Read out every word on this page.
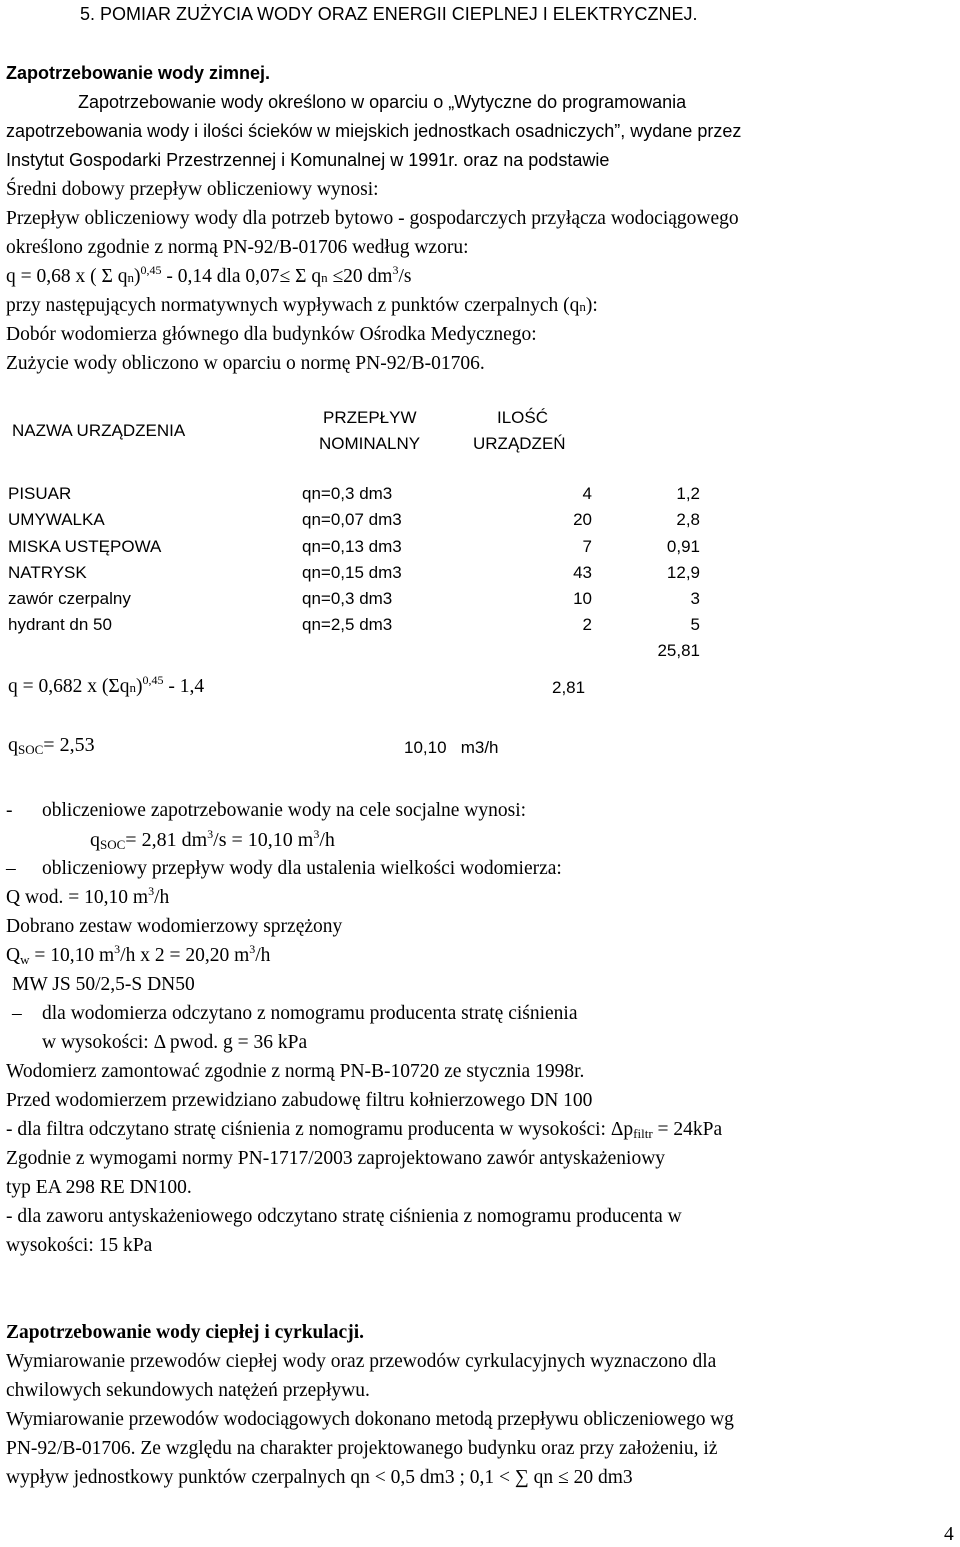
5. POMIAR ZUŻYCIA WODY ORAZ ENERGII CIEPLNEJ I ELEKTRYCZNEJ.
Zapotrzebowanie wody zimnej.
Zapotrzebowanie wody określono w oparciu o „Wytyczne do programowania
zapotrzebowania wody i ilości ścieków w miejskich jednostkach osadniczych”, wydane przez
Instytut Gospodarki Przestrzennej i Komunalnej w 1991r. oraz na podstawie
Średni dobowy przepływ obliczeniowy wynosi:
Przepływ obliczeniowy wody dla potrzeb bytowo - gospodarczych przyłącza wodociągowego
określono zgodnie z normą PN-92/B-01706 według wzoru:
q = 0,68 x ( Σ qn)$^{0,45}$ - 0,14 dla 0,07≤ Σ qn ≤20 $dm^3/s$
przy następujących normatywnych wypływach z punktów czerpalnych (qn):
Dobór wodomierza głównego dla budynków Ośrodka Medycznego:
Zużycie wody obliczono w oparciu o normę PN-92/B-01706.
NAZWA URZĄDZENIA
PRZEPŁYW
NOMINALNY
ILOŚĆ
URZĄDZEŃ
PISUAR	qn=0,3 dm3	4	1,2
UMYWALKA	qn=0,07 dm3	20	2,8
MISKA USTĘPOWA	qn=0,13 dm3	7	0,91
NATRYSK	qn=0,15 dm3	43	12,9
zawór czerpalny	qn=0,3 dm3	10	3
hydrant dn 50	qn=2,5 dm3	2	5
25,81
q = 0,682 x $(\Sigma qn)^{0,45} - 1,4$	2,81
$q_{SOC}= 2,53$	10,10   m3/h
- obliczeniowe zapotrzebowanie wody na cele socjalne wynosi:
$q_{SOC}= 2,81$ $dm^3/s = 10,10$ $m^3/h$
– obliczeniowy przepływ wody dla ustalenia wielkości wodomierza:
Q wod. = 10,10 $m^3/h$
Dobrano zestaw wodomierzowy sprzężony
$Q_w = 10,10$ $m^3/h$ x 2 = 20,20 $m^3/h$
MW JS 50/2,5-S DN50
– dla wodomierza odczytano z nomogramu producenta stratę ciśnienia
w wysokości: Δ pwod. g = 36 kPa
Wodomierz zamontować zgodnie z normą PN-B-10720 ze stycznia 1998r.
Przed wodomierzem przewidziano zabudowę filtru kołnierzowego DN 100
- dla filtra odczytano stratę ciśnienia z nomogramu producenta w wysokości: $\Delta p_{filtr} = 24kPa$
Zgodnie z wymogami normy PN-1717/2003 zaprojektowano zawór antyskażeniowy
typ EA 298 RE DN100.
- dla zaworu antyskażeniowego odczytano stratę ciśnienia z nomogramu producenta w
wysokości: 15 kPa
Zapotrzebowanie wody ciepłej i cyrkulacji.
Wymiarowanie przewodów ciepłej wody oraz przewodów cyrkulacyjnych wyznaczono dla
chwilowych sekundowych natężeń przepływu.
Wymiarowanie przewodów wodociągowych dokonano metodą przepływu obliczeniowego wg
PN-92/B-01706. Ze względu na charakter projektowanego budynku oraz przy założeniu, iż
wypływ jednostkowy punktów czerpalnych qn < 0,5 dm3 ; 0,1 < ∑ qn ≤ 20 dm3
4
